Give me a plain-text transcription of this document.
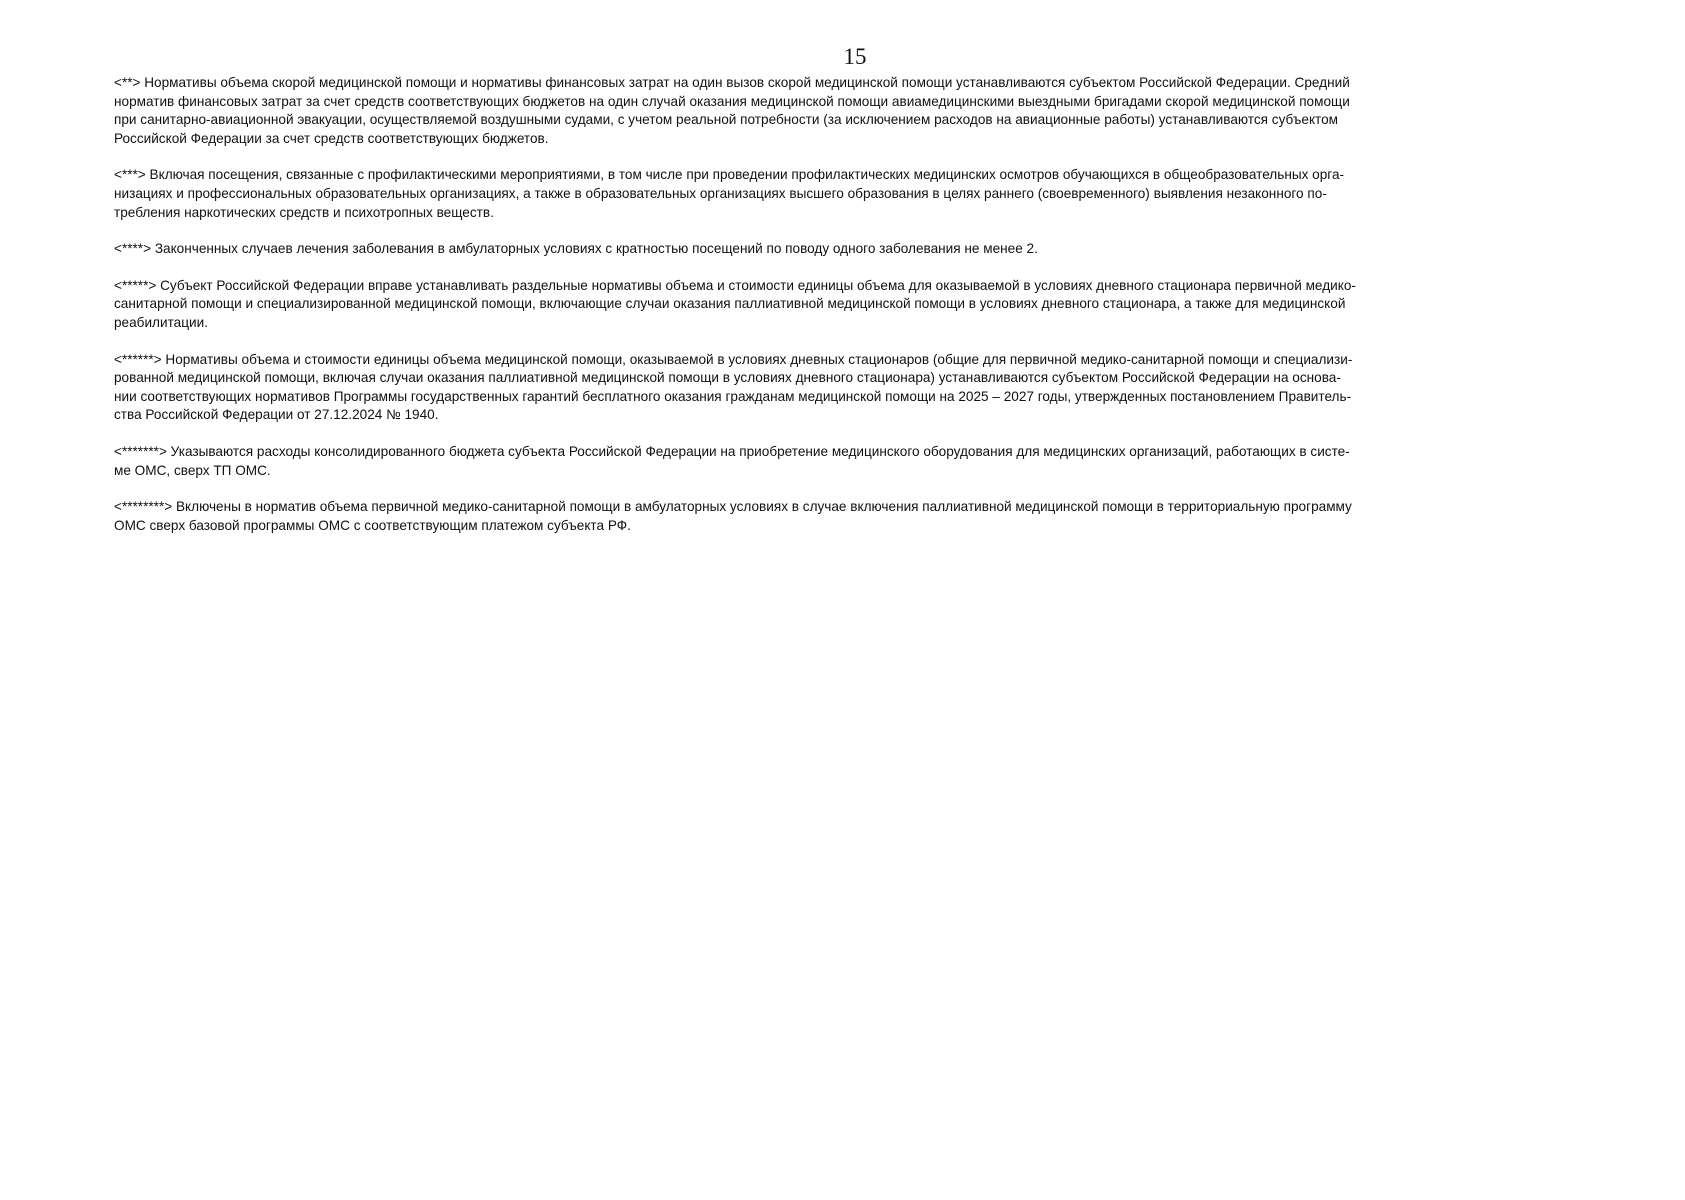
15

<**> Нормативы объема скорой медицинской помощи и нормативы финансовых затрат на один вызов скорой медицинской помощи устанавливаются субъектом Российской Федерации. Средний
норматив финансовых затрат за счет средств соответствующих бюджетов на один случай оказания медицинской помощи авиамедицинскими выездными бригадами скорой медицинской помощи
при санитарно-авиационной эвакуации, осуществляемой воздушными судами, с учетом реальной потребности (за исключением расходов на авиационные работы) устанавливаются субъектом
Российской Федерации за счет средств соответствующих бюджетов.

<***> Включая посещения, связанные с профилактическими мероприятиями, в том числе при проведении профилактических медицинских осмотров обучающихся в общеобразовательных орга-
низациях и профессиональных образовательных организациях, а также в образовательных организациях высшего образования в целях раннего (своевременного) выявления незаконного по-
требления наркотических средств и психотропных веществ.

<****> Законченных случаев лечения заболевания в амбулаторных условиях с кратностью посещений по поводу одного заболевания не менее 2.

<*****> Субъект Российской Федерации вправе устанавливать раздельные нормативы объема и стоимости единицы объема для оказываемой в условиях дневного стационара первичной медико-
санитарной помощи и специализированной медицинской помощи, включающие случаи оказания паллиативной медицинской помощи в условиях дневного стационара, а также для медицинской
реабилитации.

<******> Нормативы объема и стоимости единицы объема медицинской помощи, оказываемой в условиях дневных стационаров (общие для первичной медико-санитарной помощи и специализи-
рованной медицинской помощи, включая случаи оказания паллиативной медицинской помощи в условиях дневного стационара) устанавливаются субъектом Российской Федерации на основа-
нии соответствующих нормативов Программы государственных гарантий бесплатного оказания гражданам медицинской помощи на 2025 – 2027 годы, утвержденных постановлением Правитель-
ства Российской Федерации от 27.12.2024 № 1940.

<*******> Указываются расходы консолидированного бюджета субъекта Российской Федерации на приобретение медицинского оборудования для медицинских организаций, работающих в систе-
ме ОМС, сверх ТП ОМС.

<********> Включены в норматив объема первичной медико-санитарной помощи в амбулаторных условиях в случае включения паллиативной медицинской помощи в территориальную программу
ОМС сверх базовой программы ОМС с соответствующим платежом субъекта РФ.
